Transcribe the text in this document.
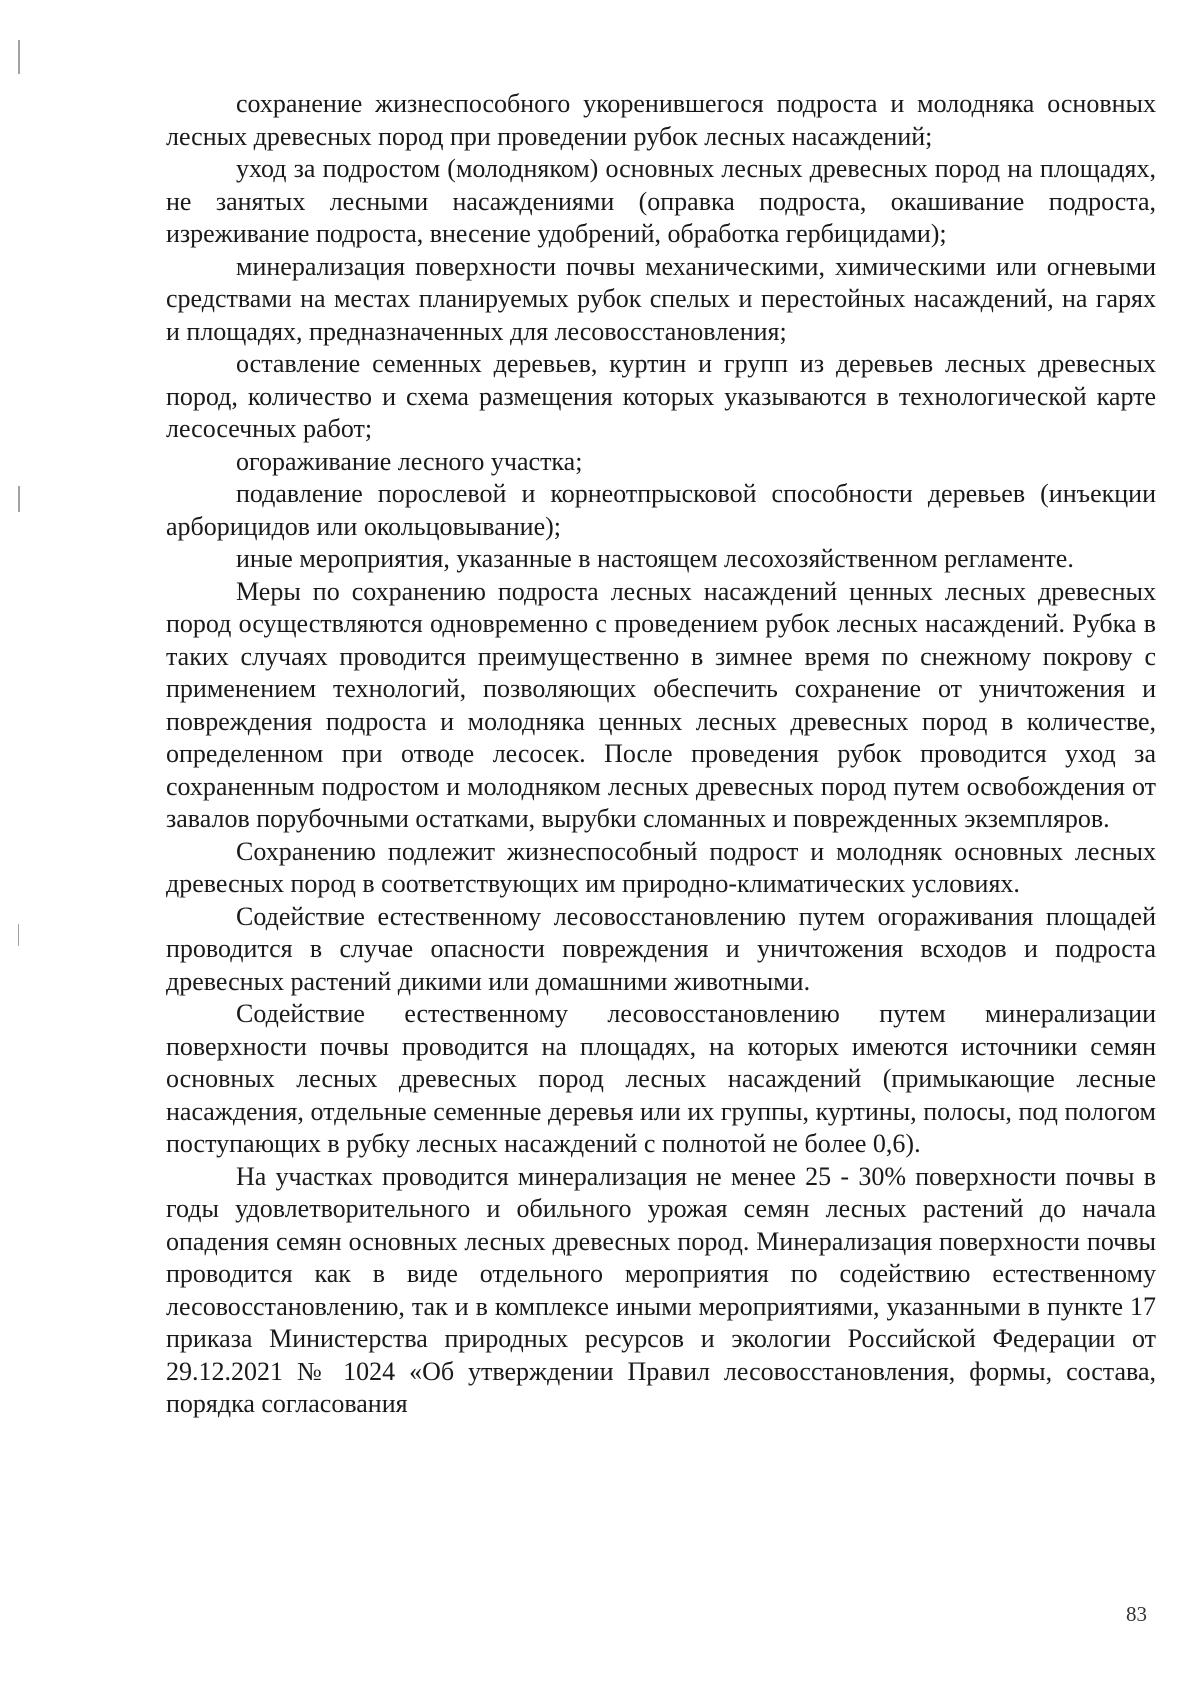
сохранение жизнеспособного укоренившегося подроста и молодняка основных лесных древесных пород при проведении рубок лесных насаждений;

уход за подростом (молодняком) основных лесных древесных пород на площадях, не занятых лесными насаждениями (оправка подроста, окашивание подроста, изреживание подроста, внесение удобрений, обработка гербицидами);

минерализация поверхности почвы механическими, химическими или огневыми средствами на местах планируемых рубок спелых и перестойных насаждений, на гарях и площадях, предназначенных для лесовосстановления;

оставление семенных деревьев, куртин и групп из деревьев лесных древесных пород, количество и схема размещения которых указываются в технологической карте лесосечных работ;

огораживание лесного участка;

подавление порослевой и корнеотпрысковой способности деревьев (инъекции арборицидов или окольцовывание);

иные мероприятия, указанные в настоящем лесохозяйственном регламенте.

Меры по сохранению подроста лесных насаждений ценных лесных древесных пород осуществляются одновременно с проведением рубок лесных насаждений. Рубка в таких случаях проводится преимущественно в зимнее время по снежному покрову с применением технологий, позволяющих обеспечить сохранение от уничтожения и повреждения подроста и молодняка ценных лесных древесных пород в количестве, определенном при отводе лесосек. После проведения рубок проводится уход за сохраненным подростом и молодняком лесных древесных пород путем освобождения от завалов порубочными остатками, вырубки сломанных и поврежденных экземпляров.

Сохранению подлежит жизнеспособный подрост и молодняк основных лесных древесных пород в соответствующих им природно-климатических условиях.

Содействие естественному лесовосстановлению путем огораживания площадей проводится в случае опасности повреждения и уничтожения всходов и подроста древесных растений дикими или домашними животными.

Содействие естественному лесовосстановлению путем минерализации поверхности почвы проводится на площадях, на которых имеются источники семян основных лесных древесных пород лесных насаждений (примыкающие лесные насаждения, отдельные семенные деревья или их группы, куртины, полосы, под пологом поступающих в рубку лесных насаждений с полнотой не более 0,6).

На участках проводится минерализация не менее 25 - 30% поверхности почвы в годы удовлетворительного и обильного урожая семян лесных растений до начала опадения семян основных лесных древесных пород. Минерализация поверхности почвы проводится как в виде отдельного мероприятия по содействию естественному лесовосстановлению, так и в комплексе иными мероприятиями, указанными в пункте 17 приказа Министерства природных ресурсов и экологии Российской Федерации от 29.12.2021 № 1024 «Об утверждении Правил лесовосстановления, формы, состава, порядка согласования

83
